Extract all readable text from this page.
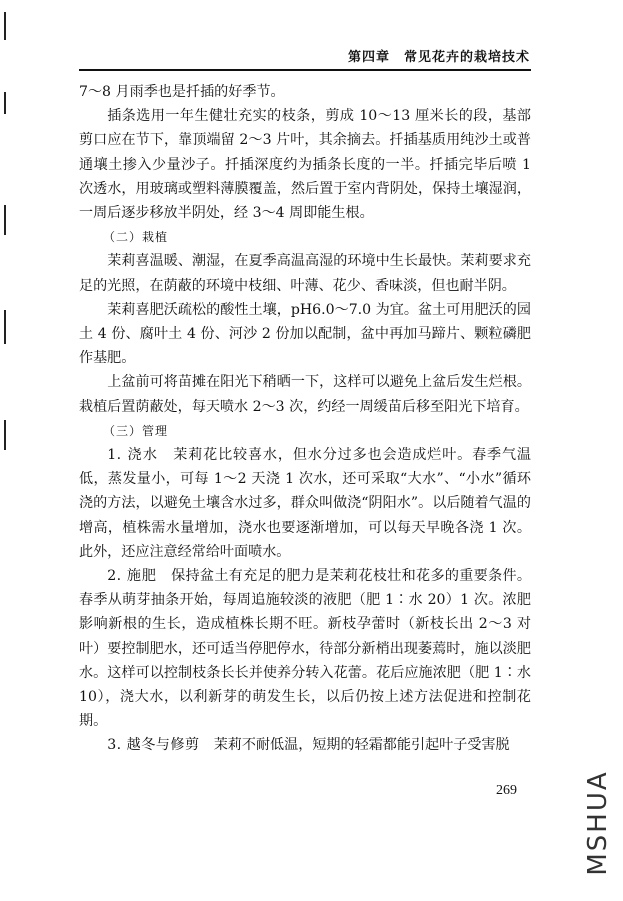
第四章　常见花卉的栽培技术

7～8 月雨季也是扦插的好季节。

插条选用一年生健壮充实的枝条，剪成 10～13 厘米长的段，基部剪口应在节下，靠顶端留 2～3 片叶，其余摘去。扦插基质用纯沙土或普通壤土掺入少量沙子。扦插深度约为插条长度的一半。扦插完毕后喷 1 次透水，用玻璃或塑料薄膜覆盖，然后置于室内背阴处，保持土壤湿润，一周后逐步移放半阴处，经 3～4 周即能生根。

（二）栽植

茉莉喜温暖、潮湿，在夏季高温高湿的环境中生长最快。茉莉要求充足的光照，在荫蔽的环境中枝细、叶薄、花少、香味淡，但也耐半阴。

茉莉喜肥沃疏松的酸性土壤，pH6.0～7.0 为宜。盆土可用肥沃的园土 4 份、腐叶土 4 份、河沙 2 份加以配制，盆中再加马蹄片、颗粒磷肥作基肥。

上盆前可将苗摊在阳光下稍晒一下，这样可以避免上盆后发生烂根。栽植后置荫蔽处，每天喷水 2～3 次，约经一周缓苗后移至阳光下培育。

（三）管理

1. 浇水　 茉莉花比较喜水，但水分过多也会造成烂叶。春季气温低，蒸发量小，可每 1～2 天浇 1 次水，还可采取“大水”、“小水”循环浇的方法，以避免土壤含水过多，群众叫做浇“阴阳水”。以后随着气温的增高，植株需水量增加，浇水也要逐渐增加，可以每天早晚各浇 1 次。此外，还应注意经常给叶面喷水。

2. 施肥　 保持盆土有充足的肥力是茉莉花枝壮和花多的重要条件。春季从萌芽抽条开始，每周追施较淡的液肥（肥 1∶水 20）1 次。浓肥影响新根的生长，造成植株长期不旺。新枝孕蕾时（新枝长出 2～3 对叶）要控制肥水，还可适当停肥停水，待部分新梢出现萎蔫时，施以淡肥水。这样可以控制枝条长长并使养分转入花蕾。花后应施浓肥（肥 1∶水 10），浇大水，以利新芽的萌发生长，以后仍按上述方法促进和控制花期。

3. 越冬与修剪　 茉莉不耐低温，短期的轻霜都能引起叶子受害脱

269	MSHUA
